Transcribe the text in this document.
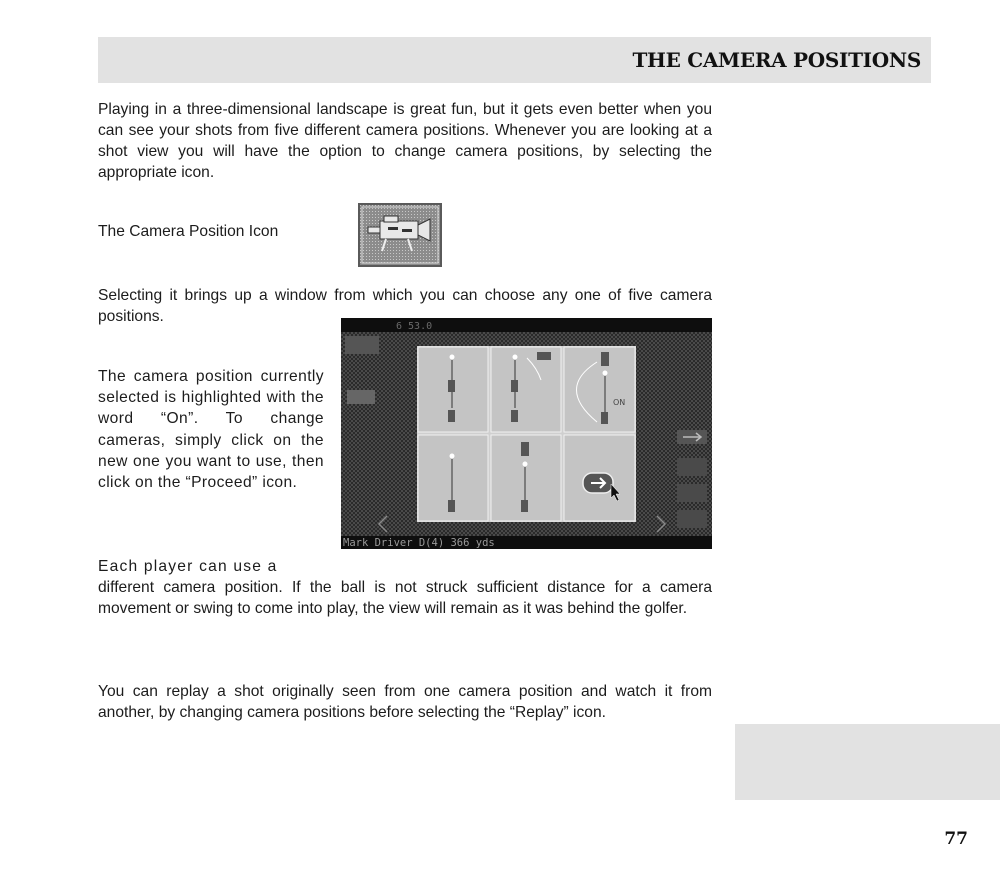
THE CAMERA POSITIONS

Playing in a three-dimensional landscape is great fun, but it gets even better when you can see your shots from five different camera positions. Whenever you are looking at a shot view you will have the option to change camera positions, by selecting the appropriate icon.

The Camera Position Icon

Selecting it brings up a window from which you can choose any one of five camera positions.

The camera position currently selected is highlighted with the word “On”. To change cameras, simply click on the new one you want to use, then click on the “Proceed” icon.

6 53.0
Mark Driver D(4) 366 yds
ON
Each player can use a

different camera position. If the ball is not struck sufficient distance for a camera movement or swing to come into play, the view will remain as it was behind the golfer.

You can replay a shot originally seen from one camera position and watch it from another, by changing camera positions before selecting the “Replay” icon.

77
